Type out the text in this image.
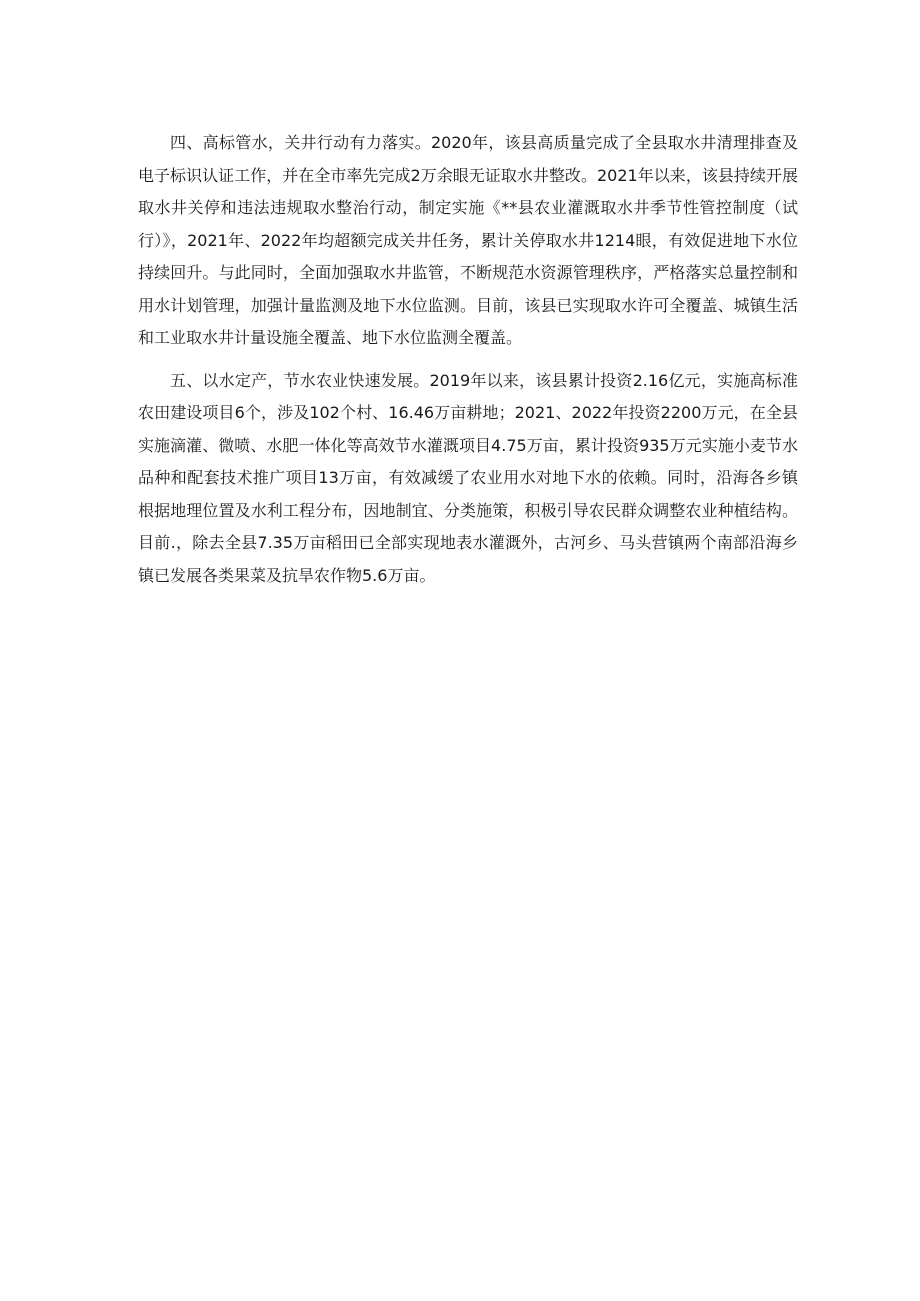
四、高标管水，关井行动有力落实。2020年，该县高质量完成了全县取水井清理排查及电子标识认证工作，并在全市率先完成2万余眼无证取水井整改。2021年以来，该县持续开展取水井关停和违法违规取水整治行动，制定实施《**县农业灌溉取水井季节性管控制度（试行）》，2021年、2022年均超额完成关井任务，累计关停取水井1214眼，有效促进地下水位持续回升。与此同时，全面加强取水井监管，不断规范水资源管理秩序，严格落实总量控制和用水计划管理，加强计量监测及地下水位监测。目前，该县已实现取水许可全覆盖、城镇生活和工业取水井计量设施全覆盖、地下水位监测全覆盖。

五、以水定产，节水农业快速发展。2019年以来，该县累计投资2.16亿元，实施高标准农田建设项目6个，涉及102个村、16.46万亩耕地；2021、2022年投资2200万元，在全县实施滴灌、微喷、水肥一体化等高效节水灌溉项目4.75万亩，累计投资935万元实施小麦节水品种和配套技术推广项目13万亩，有效减缓了农业用水对地下水的依赖。同时，沿海各乡镇根据地理位置及水利工程分布，因地制宜、分类施策，积极引导农民群众调整农业种植结构。目前.，除去全县7.35万亩稻田已全部实现地表水灌溉外，古河乡、马头营镇两个南部沿海乡镇已发展各类果菜及抗旱农作物5.6万亩。
